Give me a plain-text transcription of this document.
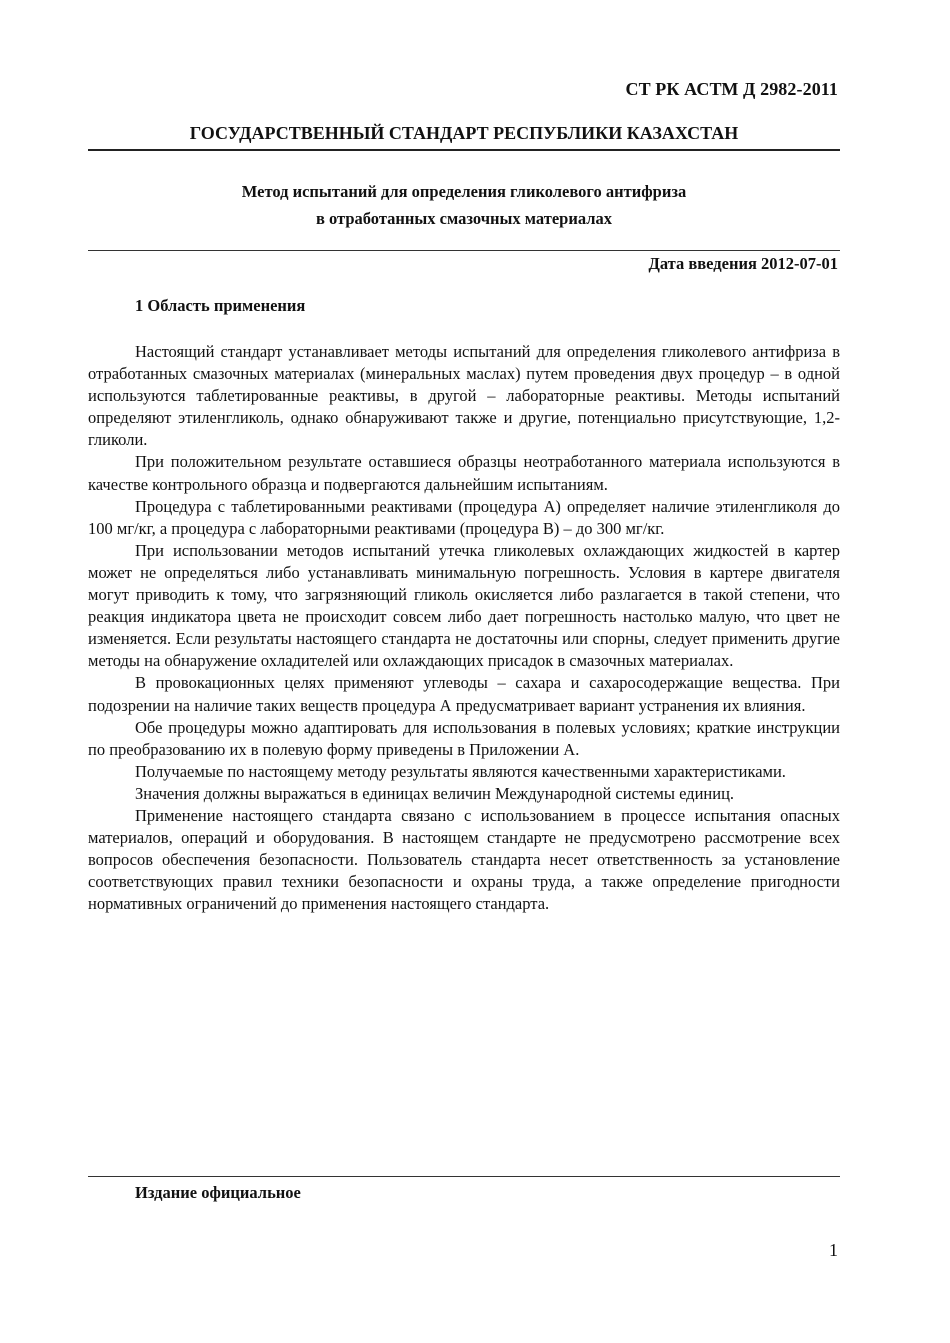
СТ РК АСТМ Д 2982-2011
ГОСУДАРСТВЕННЫЙ СТАНДАРТ РЕСПУБЛИКИ КАЗАХСТАН
Метод испытаний для определения гликолевого антифриза
в отработанных смазочных материалах
Дата введения 2012-07-01
1 Область применения

Настоящий стандарт устанавливает методы испытаний для определения гликолевого антифриза в отработанных смазочных материалах (минеральных маслах) путем проведения двух процедур – в одной используются таблетированные реактивы, в другой – лабораторные реактивы. Методы испытаний определяют этиленгликоль, однако обнаруживают также и другие, потенциально присутствующие, 1,2-гликоли.

При положительном результате оставшиеся образцы неотработанного материала используются в качестве контрольного образца и подвергаются дальнейшим испытаниям.

Процедура с таблетированными реактивами (процедура А) определяет наличие этиленгликоля до 100 мг/кг, а процедура с лабораторными реактивами (процедура В) – до 300 мг/кг.

При использовании методов испытаний утечка гликолевых охлаждающих жидкостей в картер может не определяться либо устанавливать минимальную погрешность. Условия в картере двигателя могут приводить к тому, что загрязняющий гликоль окисляется либо разлагается в такой степени, что реакция индикатора цвета не происходит совсем либо дает погрешность настолько малую, что цвет не изменяется. Если результаты настоящего стандарта не достаточны или спорны, следует применить другие методы на обнаружение охладителей или охлаждающих присадок в смазочных материалах.

В провокационных целях применяют углеводы – сахара и сахаросодержащие вещества. При подозрении на наличие таких веществ процедура А предусматривает вариант устранения их влияния.

Обе процедуры можно адаптировать для использования в полевых условиях; краткие инструкции по преобразованию их в полевую форму приведены в Приложении А.

Получаемые по настоящему методу результаты являются качественными характеристиками.

Значения должны выражаться в единицах величин Международной системы единиц.

Применение настоящего стандарта связано с использованием в процессе испытания опасных материалов, операций и оборудования. В настоящем стандарте не предусмотрено рассмотрение всех вопросов обеспечения безопасности. Пользователь стандарта несет ответственность за установление соответствующих правил техники безопасности и охраны труда, а также определение пригодности нормативных ограничений до применения настоящего стандарта.

Издание официальное
1
